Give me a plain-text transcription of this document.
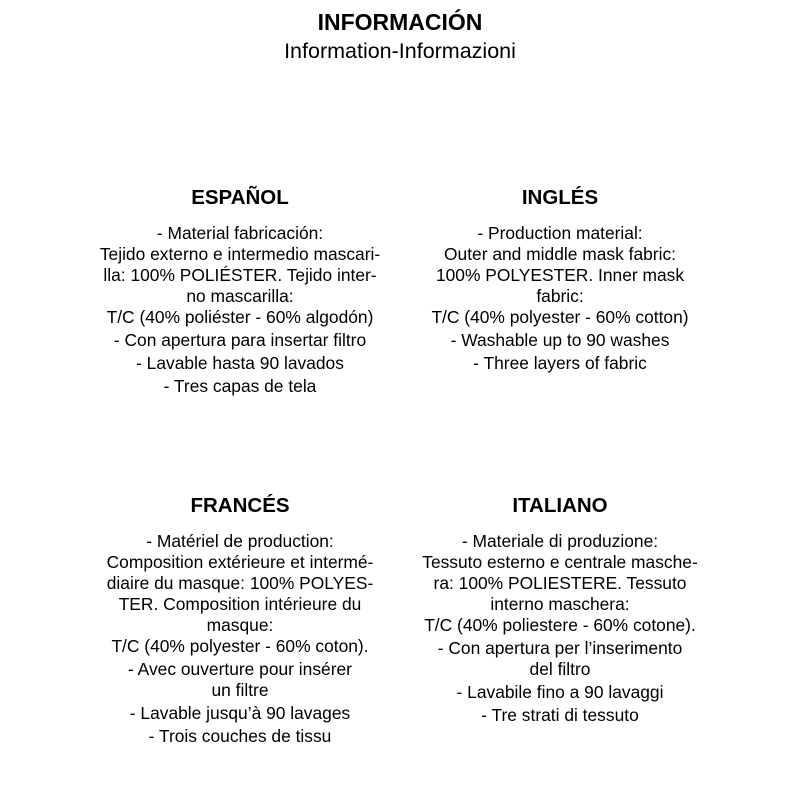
INFORMACIÓN
Information-Informazioni
ESPAÑOL
- Material fabricación:
Tejido externo e intermedio mascari-
lla: 100% POLIÉSTER. Tejido inter-
no mascarilla:
T/C (40% poliéster - 60% algodón)
- Con apertura para insertar filtro
- Lavable hasta 90 lavados
- Tres capas de tela
INGLÉS
- Production material:
Outer and middle mask fabric:
100% POLYESTER. Inner mask
fabric:
T/C (40% polyester - 60% cotton)
- Washable up to 90 washes
- Three layers of fabric
FRANCÉS
- Matériel de production:
Composition extérieure et intermé-
diaire du masque: 100% POLYES-
TER. Composition intérieure du
masque:
T/C (40% polyester - 60% coton).
- Avec ouverture pour insérer
un filtre
- Lavable jusqu’à 90 lavages
- Trois couches de tissu
ITALIANO
- Materiale di produzione:
Tessuto esterno e centrale masche-
ra: 100% POLIESTERE. Tessuto
interno maschera:
T/C (40% poliestere - 60% cotone).
- Con apertura per l’inserimento
del filtro
- Lavabile fino a 90 lavaggi
- Tre strati di tessuto
